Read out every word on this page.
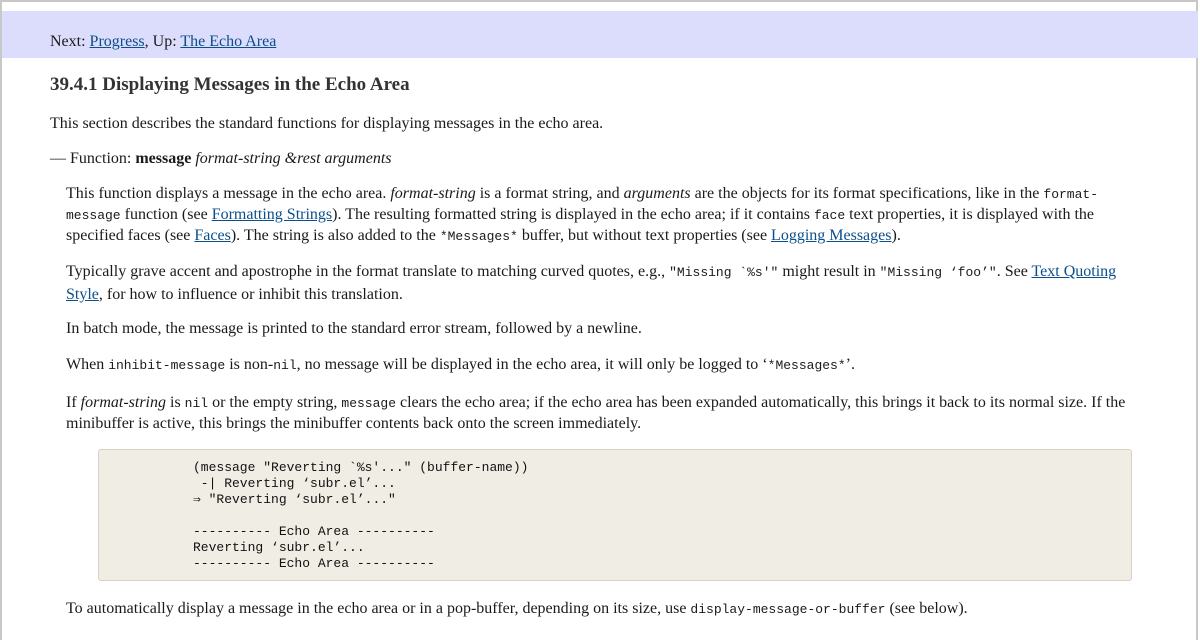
Next: Progress, Up: The Echo Area
39.4.1 Displaying Messages in the Echo Area

This section describes the standard functions for displaying messages in the echo area.

— Function: message format-string &rest arguments

This function displays a message in the echo area. format-string is a format string, and arguments are the objects for its format specifications, like in the format-message function (see Formatting Strings). The resulting formatted string is displayed in the echo area; if it contains face text properties, it is displayed with the specified faces (see Faces). The string is also added to the *Messages* buffer, but without text properties (see Logging Messages).

Typically grave accent and apostrophe in the format translate to matching curved quotes, e.g., "Missing `%s'" might result in "Missing ‘foo’". See Text Quoting Style, for how to influence or inhibit this translation.

In batch mode, the message is printed to the standard error stream, followed by a newline.

When inhibit-message is non-nil, no message will be displayed in the echo area, it will only be logged to ‘*Messages*’.

If format-string is nil or the empty string, message clears the echo area; if the echo area has been expanded automatically, this brings it back to its normal size. If the minibuffer is active, this brings the minibuffer contents back onto the screen immediately.

(message "Reverting `%s'..." (buffer-name))
-| Reverting ‘subr.el’...
⇒ "Reverting ‘subr.el’..."

---------- Echo Area ----------
Reverting ‘subr.el’...
---------- Echo Area ----------

To automatically display a message in the echo area or in a pop-buffer, depending on its size, use display-message-or-buffer (see below).
